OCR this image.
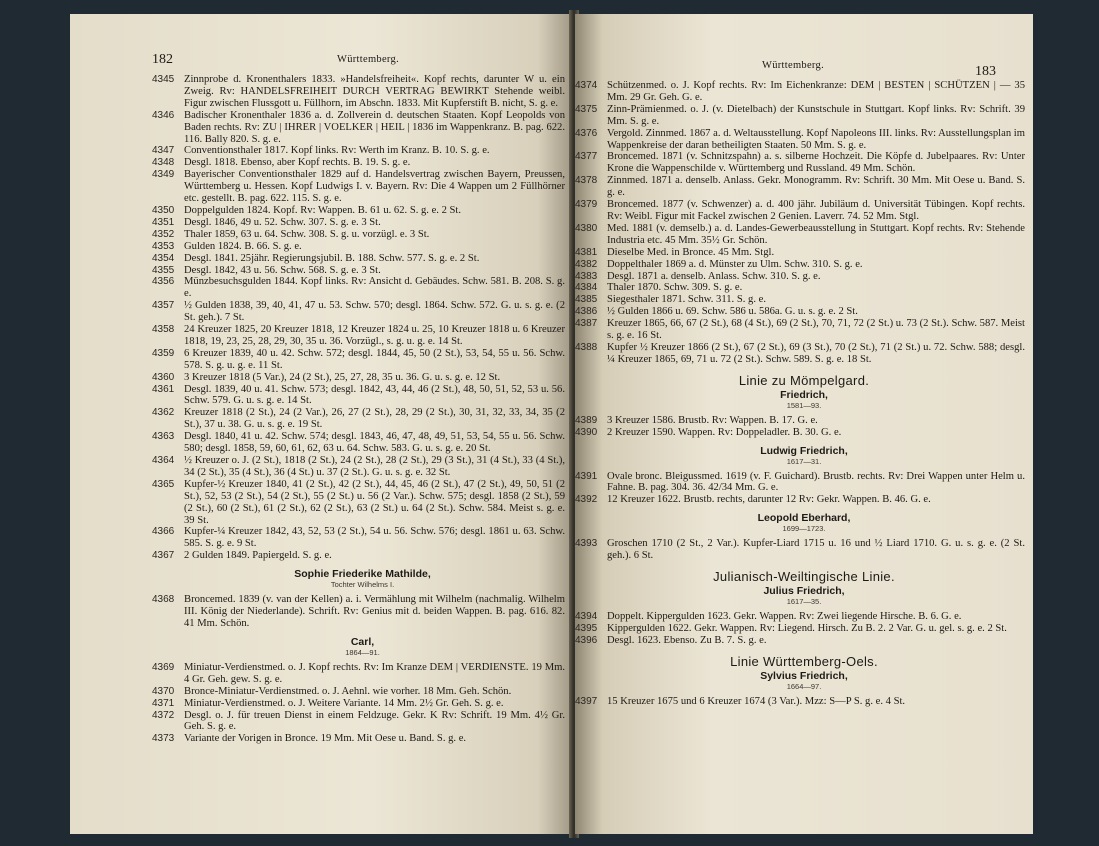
182	Württemberg.
4345 Zinnprobe d. Kronenthalers 1833. »Handelsfreiheit«. Kopf rechts, darunter W u. ein Zweig. Rv: HANDELSFREIHEIT DURCH VERTRAG BEWIRKT Stehende weibl. Figur zwischen Flussgott u. Füllhorn, im Abschn. 1833. Mit Kupferstift B. nicht, S. g. e.
4346 Badischer Kronenthaler 1836 a. d. Zollverein d. deutschen Staaten. Kopf Leopolds von Baden rechts. Rv: ZU | IHRER | VOELKER | HEIL | 1836 im Wappenkranz. B. pag. 622. 116. Bally 820. S. g. e.
4347 Conventionsthaler 1817. Kopf links. Rv: Werth im Kranz. B. 10. S. g. e.
4348 Desgl. 1818. Ebenso, aber Kopf rechts. B. 19. S. g. e.
4349 Bayerischer Conventionsthaler 1829 auf d. Handelsvertrag zwischen Bayern, Preussen, Württemberg u. Hessen. Kopf Ludwigs I. v. Bayern. Rv: Die 4 Wappen um 2 Füllhörner etc. gestellt. B. pag. 622. 115. S. g. e.
4350 Doppelgulden 1824. Kopf. Rv: Wappen. B. 61 u. 62. S. g. e. 2 St.
4351 Desgl. 1846, 49 u. 52. Schw. 307. S. g. e. 3 St.
4352 Thaler 1859, 63 u. 64. Schw. 308. S. g. u. vorzügl. e. 3 St.
4353 Gulden 1824. B. 66. S. g. e.
4354 Desgl. 1841. 25jähr. Regierungsjubil. B. 188. Schw. 577. S. g. e. 2 St.
4355 Desgl. 1842, 43 u. 56. Schw. 568. S. g. e. 3 St.
4356 Münzbesuchsgulden 1844. Kopf links. Rv: Ansicht d. Gebäudes. Schw. 581. B. 208. S. g. e.
4357 ½ Gulden 1838, 39, 40, 41, 47 u. 53. Schw. 570; desgl. 1864. Schw. 572. G. u. s. g. e. (2 St. geh.). 7 St.
4358 24 Kreuzer 1825, 20 Kreuzer 1818, 12 Kreuzer 1824 u. 25, 10 Kreuzer 1818 u. 6 Kreuzer 1818, 19, 23, 25, 28, 29, 30, 35 u. 36. Vorzügl., s. g. u. g. e. 14 St.
4359 6 Kreuzer 1839, 40 u. 42. Schw. 572; desgl. 1844, 45, 50 (2 St.), 53, 54, 55 u. 56. Schw. 578. S. g. u. g. e. 11 St.
4360 3 Kreuzer 1818 (5 Var.), 24 (2 St.), 25, 27, 28, 35 u. 36. G. u. s. g. e. 12 St.
4361 Desgl. 1839, 40 u. 41. Schw. 573; desgl. 1842, 43, 44, 46 (2 St.), 48, 50, 51, 52, 53 u. 56. Schw. 579. G. u. s. g. e. 14 St.
4362 Kreuzer 1818 (2 St.), 24 (2 Var.), 26, 27 (2 St.), 28, 29 (2 St.), 30, 31, 32, 33, 34, 35 (2 St.), 37 u. 38. G. u. s. g. e. 19 St.
4363 Desgl. 1840, 41 u. 42. Schw. 574; desgl. 1843, 46, 47, 48, 49, 51, 53, 54, 55 u. 56. Schw. 580; desgl. 1858, 59, 60, 61, 62, 63 u. 64. Schw. 583. G. u. s. g. e. 20 St.
4364 ½ Kreuzer o. J. (2 St.), 1818 (2 St.), 24 (2 St.), 28 (2 St.), 29 (3 St.), 31 (4 St.), 33 (4 St.), 34 (2 St.), 35 (4 St.), 36 (4 St.) u. 37 (2 St.). G. u. s. g. e. 32 St.
4365 Kupfer-½ Kreuzer 1840, 41 (2 St.), 42 (2 St.), 44, 45, 46 (2 St.), 47 (2 St.), 49, 50, 51 (2 St.), 52, 53 (2 St.), 54 (2 St.), 55 (2 St.) u. 56 (2 Var.). Schw. 575; desgl. 1858 (2 St.), 59 (2 St.), 60 (2 St.), 61 (2 St.), 62 (2 St.), 63 (2 St.) u. 64 (2 St.). Schw. 584. Meist s. g. e. 39 St.
4366 Kupfer-¼ Kreuzer 1842, 43, 52, 53 (2 St.), 54 u. 56. Schw. 576; desgl. 1861 u. 63. Schw. 585. S. g. e. 9 St.
4367 2 Gulden 1849. Papiergeld. S. g. e.
Sophie Friederike Mathilde,
Tochter Wilhelms I.
4368 Broncemed. 1839 (v. van der Kellen) a. i. Vermählung mit Wilhelm (nachmalig. Wilhelm III. König der Niederlande). Schrift. Rv: Genius mit d. beiden Wappen. B. pag. 616. 82. 41 Mm. Schön.
Carl,
1864—91.
4369 Miniatur-Verdienstmed. o. J. Kopf rechts. Rv: Im Kranze DEM | VERDIENSTE. 19 Mm. 4 Gr. Geh. gew. S. g. e.
4370 Bronce-Miniatur-Verdienstmed. o. J. Aehnl. wie vorher. 18 Mm. Geh. Schön.
4371 Miniatur-Verdienstmed. o. J. Weitere Variante. 14 Mm. 2½ Gr. Geh. S. g. e.
4372 Desgl. o. J. für treuen Dienst in einem Feldzuge. Gekr. K Rv: Schrift. 19 Mm. 4½ Gr. Geh. S. g. e.
4373 Variante der Vorigen in Bronce. 19 Mm. Mit Oese u. Band. S. g. e.
Württemberg.	183
4374 Schützenmed. o. J. Kopf rechts. Rv: Im Eichenkranze: DEM | BESTEN | SCHÜTZEN | — 35 Mm. 29 Gr. Geh. G. e.
4375 Zinn-Prämienmed. o. J. (v. Dietelbach) der Kunstschule in Stuttgart. Kopf links. Rv: Schrift. 39 Mm. S. g. e.
4376 Vergold. Zinnmed. 1867 a. d. Weltausstellung. Kopf Napoleons III. links. Rv: Ausstellungsplan im Wappenkreise der daran betheiligten Staaten. 50 Mm. S. g. e.
4377 Broncemed. 1871 (v. Schnitzspahn) a. s. silberne Hochzeit. Die Köpfe d. Jubelpaares. Rv: Unter Krone die Wappenschilde v. Württemberg und Russland. 49 Mm. Schön.
4378 Zinnmed. 1871 a. denselb. Anlass. Gekr. Monogramm. Rv: Schrift. 30 Mm. Mit Oese u. Band. S. g. e.
4379 Broncemed. 1877 (v. Schwenzer) a. d. 400 jähr. Jubiläum d. Universität Tübingen. Kopf rechts. Rv: Weibl. Figur mit Fackel zwischen 2 Genien. Laverr. 74. 52 Mm. Stgl.
4380 Med. 1881 (v. demselb.) a. d. Landes-Gewerbeausstellung in Stuttgart. Kopf rechts. Rv: Stehende Industria etc. 45 Mm. 35½ Gr. Schön.
4381 Dieselbe Med. in Bronce. 45 Mm. Stgl.
4382 Doppelthaler 1869 a. d. Münster zu Ulm. Schw. 310. S. g. e.
4383 Desgl. 1871 a. denselb. Anlass. Schw. 310. S. g. e.
4384 Thaler 1870. Schw. 309. S. g. e.
4385 Siegesthaler 1871. Schw. 311. S. g. e.
4386 ½ Gulden 1866 u. 69. Schw. 586 u. 586a. G. u. s. g. e. 2 St.
4387 Kreuzer 1865, 66, 67 (2 St.), 68 (4 St.), 69 (2 St.), 70, 71, 72 (2 St.) u. 73 (2 St.). Schw. 587. Meist s. g. e. 16 St.
4388 Kupfer ½ Kreuzer 1866 (2 St.), 67 (2 St.), 69 (3 St.), 70 (2 St.), 71 (2 St.) u. 72. Schw. 588; desgl. ¼ Kreuzer 1865, 69, 71 u. 72 (2 St.). Schw. 589. S. g. e. 18 St.
Linie zu Mömpelgard.
Friedrich,
1581—93.
4389 3 Kreuzer 1586. Brustb. Rv: Wappen. B. 17. G. e.
4390 2 Kreuzer 1590. Wappen. Rv: Doppeladler. B. 30. G. e.
Ludwig Friedrich,
1617—31.
4391 Ovale bronc. Bleigussmed. 1619 (v. F. Guichard). Brustb. rechts. Rv: Drei Wappen unter Helm u. Fahne. B. pag. 304. 36. 42/34 Mm. G. e.
4392 12 Kreuzer 1622. Brustb. rechts, darunter 12 Rv: Gekr. Wappen. B. 46. G. e.
Leopold Eberhard,
1699—1723.
4393 Groschen 1710 (2 St., 2 Var.). Kupfer-Liard 1715 u. 16 und ½ Liard 1710. G. u. s. g. e. (2 St. geh.). 6 St.
Julianisch-Weiltingische Linie.
Julius Friedrich,
1617—35.
4394 Doppelt. Kippergulden 1623. Gekr. Wappen. Rv: Zwei liegende Hirsche. B. 6. G. e.
4395 Kippergulden 1622. Gekr. Wappen. Rv: Liegend. Hirsch. Zu B. 2. 2 Var. G. u. gel. s. g. e. 2 St.
4396 Desgl. 1623. Ebenso. Zu B. 7. S. g. e.
Linie Württemberg-Oels.
Sylvius Friedrich,
1664—97.
4397 15 Kreuzer 1675 und 6 Kreuzer 1674 (3 Var.). Mzz: S—P S. g. e. 4 St.
